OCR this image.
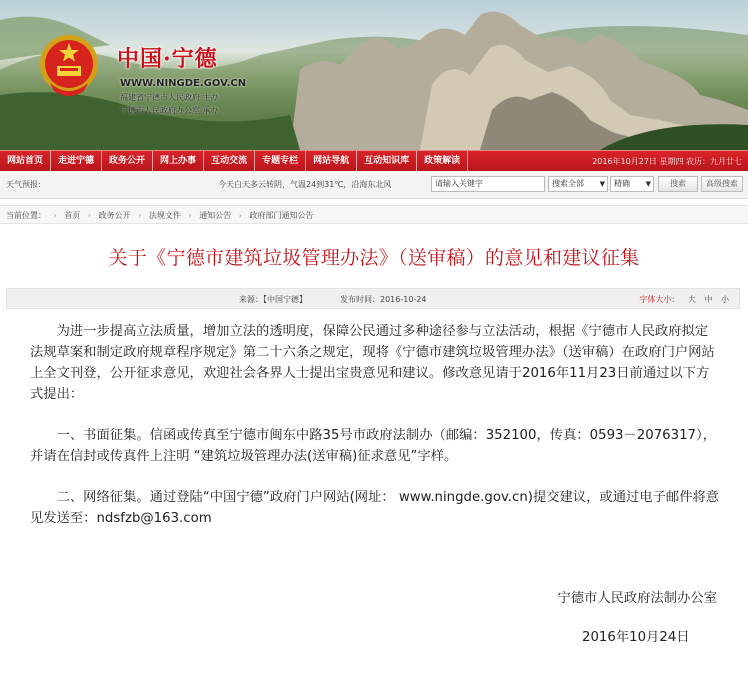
中国·宁德
WWW.NINGDE.GOV.CN
福建省宁德市人民政府 主办
宁德市人民政府办公室 承办
网站首页	走进宁德	政务公开	网上办事	互动交流	专题专栏	网站导航	互动知识库	政策解读	2016年10月27日 星期四 农历：九月廿七
天气预报:	今天白天多云转阴，气温24到31℃，沿海东北风	请输入关键字	搜索全部 ▼	精确 ▼	搜索	高级搜索
当前位置： › 首页 › 政务公开 › 法规文件 › 通知公告 › 政府部门通知公告
关于《宁德市建筑垃圾管理办法》（送审稿）的意见和建议征集
来源：【中国宁德】	发布时间：2016-10-24	字体大小： 大 中 小

为进一步提高立法质量，增加立法的透明度，保障公民通过多种途径参与立法活动，根据《宁德市人民政府拟定法规草案和制定政府规章程序规定》第二十六条之规定，现将《宁德市建筑垃圾管理办法》（送审稿）在政府门户网站上全文刊登，公开征求意见，欢迎社会各界人士提出宝贵意见和建议。修改意见请于2016年11月23日前通过以下方式提出：

一、书面征集。信函或传真至宁德市闽东中路35号市政府法制办（邮编：352100，传真：0593－2076317），并请在信封或传真件上注明 “建筑垃圾管理办法(送审稿)征求意见”字样。

二、网络征集。通过登陆“中国宁德”政府门户网站(网址： www.ningde.gov.cn)提交建议，或通过电子邮件将意见发送至：ndsfzb@163.com

宁德市人民政府法制办公室
2016年10月24日
